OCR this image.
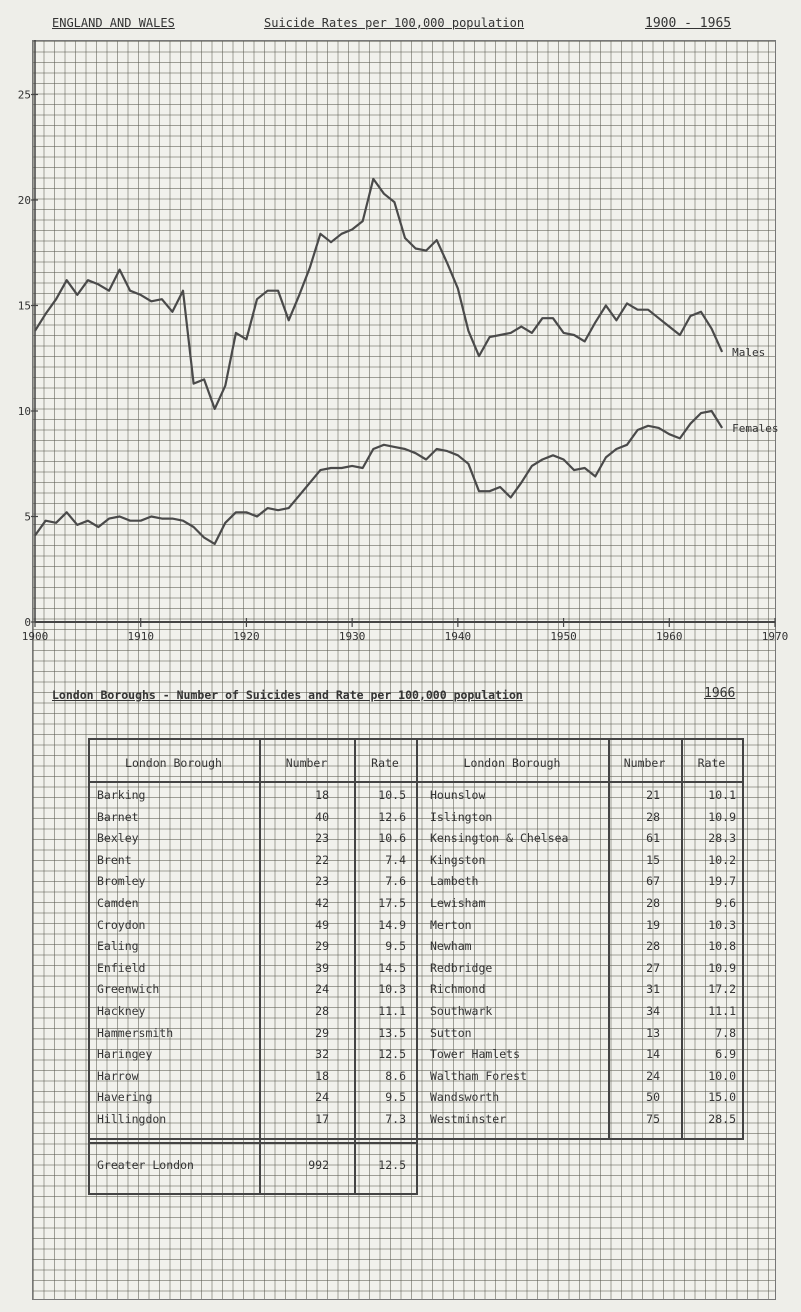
ENGLAND AND WALES	Suicide Rates per 100,000 population	1900 - 1965
0
5
10
15
20
25
1900	1910	1920	1930	1940	1950	1960	1970
Males
Females
London Boroughs - Number of Suicides and Rate per 100,000 population	1966
London Borough	Number	Rate	London Borough	Number	Rate
Barking	18	10.5
Barnet	40	12.6
Bexley	23	10.6
Brent	22	7.4
Bromley	23	7.6
Camden	42	17.5
Croydon	49	14.9
Ealing	29	9.5
Enfield	39	14.5
Greenwich	24	10.3
Hackney	28	11.1
Hammersmith	29	13.5
Haringey	32	12.5
Harrow	18	8.6
Havering	24	9.5
Hillingdon	17	7.3
Hounslow	21	10.1
Islington	28	10.9
Kensington & Chelsea	61	28.3
Kingston	15	10.2
Lambeth	67	19.7
Lewisham	28	9.6
Merton	19	10.3
Newham	28	10.8
Redbridge	27	10.9
Richmond	31	17.2
Southwark	34	11.1
Sutton	13	7.8
Tower Hamlets	14	6.9
Waltham Forest	24	10.0
Wandsworth	50	15.0
Westminster	75	28.5
Greater London	992	12.5
